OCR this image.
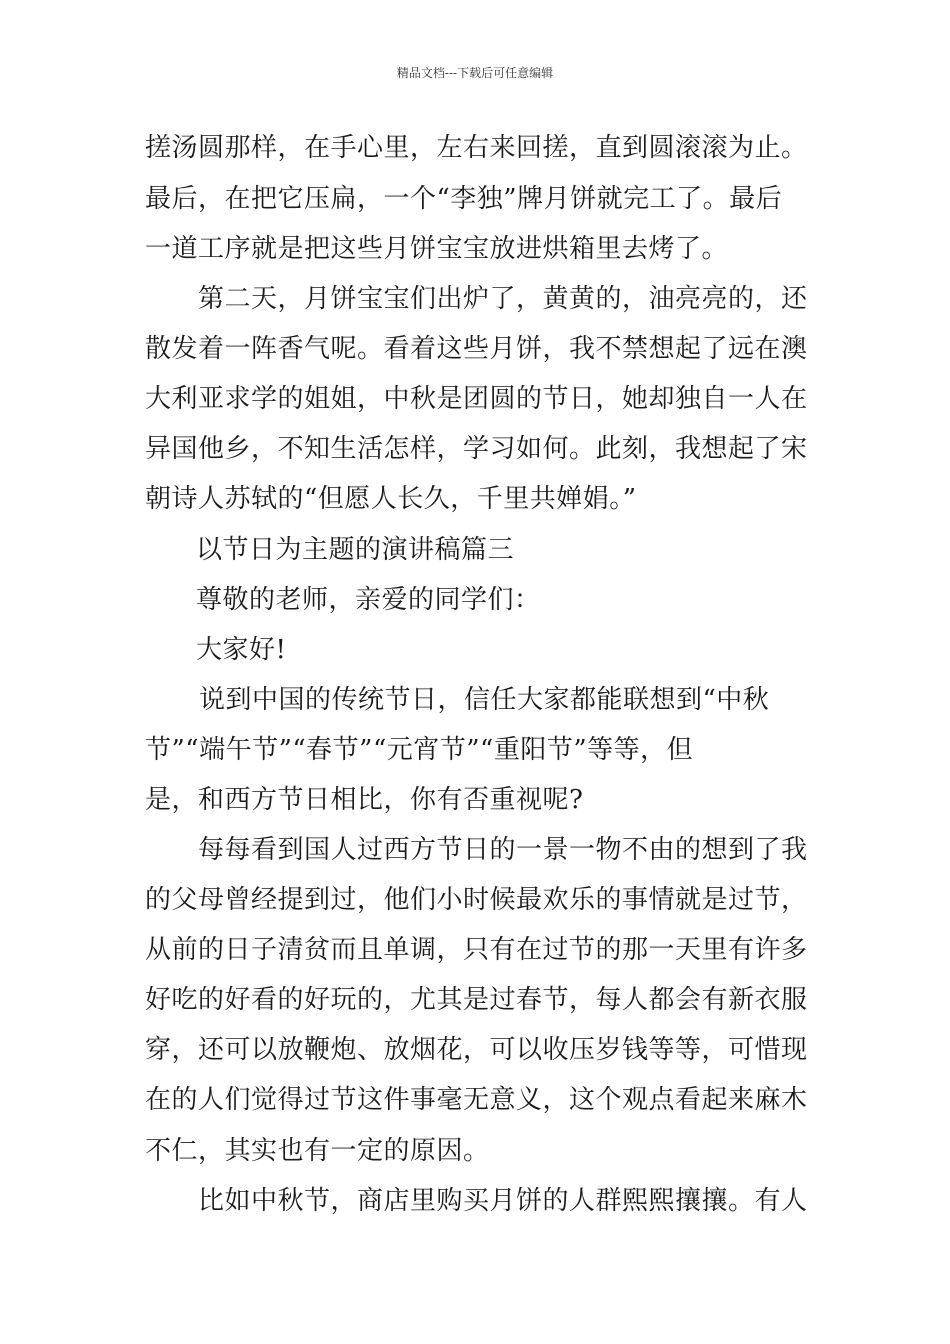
精品文档---下载后可任意编辑
搓汤圆那样，在手心里，左右来回搓，直到圆滚滚为止。
最后，在把它压扁，一个“李独”牌月饼就完工了。最后
一道工序就是把这些月饼宝宝放进烘箱里去烤了。
第二天，月饼宝宝们出炉了，黄黄的，油亮亮的，还
散发着一阵香气呢。看着这些月饼，我不禁想起了远在澳
大利亚求学的姐姐，中秋是团圆的节日，她却独自一人在
异国他乡，不知生活怎样，学习如何。此刻，我想起了宋
朝诗人苏轼的“但愿人长久，千里共婵娟。”
以节日为主题的演讲稿篇三
尊敬的老师，亲爱的同学们：
大家好!
说到中国的传统节日，信任大家都能联想到“中秋
节”“端午节”“春节”“元宵节”“重阳节”等等，但
是，和西方节日相比，你有否重视呢?
每每看到国人过西方节日的一景一物不由的想到了我
的父母曾经提到过，他们小时候最欢乐的事情就是过节，
从前的日子清贫而且单调，只有在过节的那一天里有许多
好吃的好看的好玩的，尤其是过春节，每人都会有新衣服
穿，还可以放鞭炮、放烟花，可以收压岁钱等等，可惜现
在的人们觉得过节这件事毫无意义，这个观点看起来麻木
不仁，其实也有一定的原因。
比如中秋节，商店里购买月饼的人群熙熙攘攘。有人
